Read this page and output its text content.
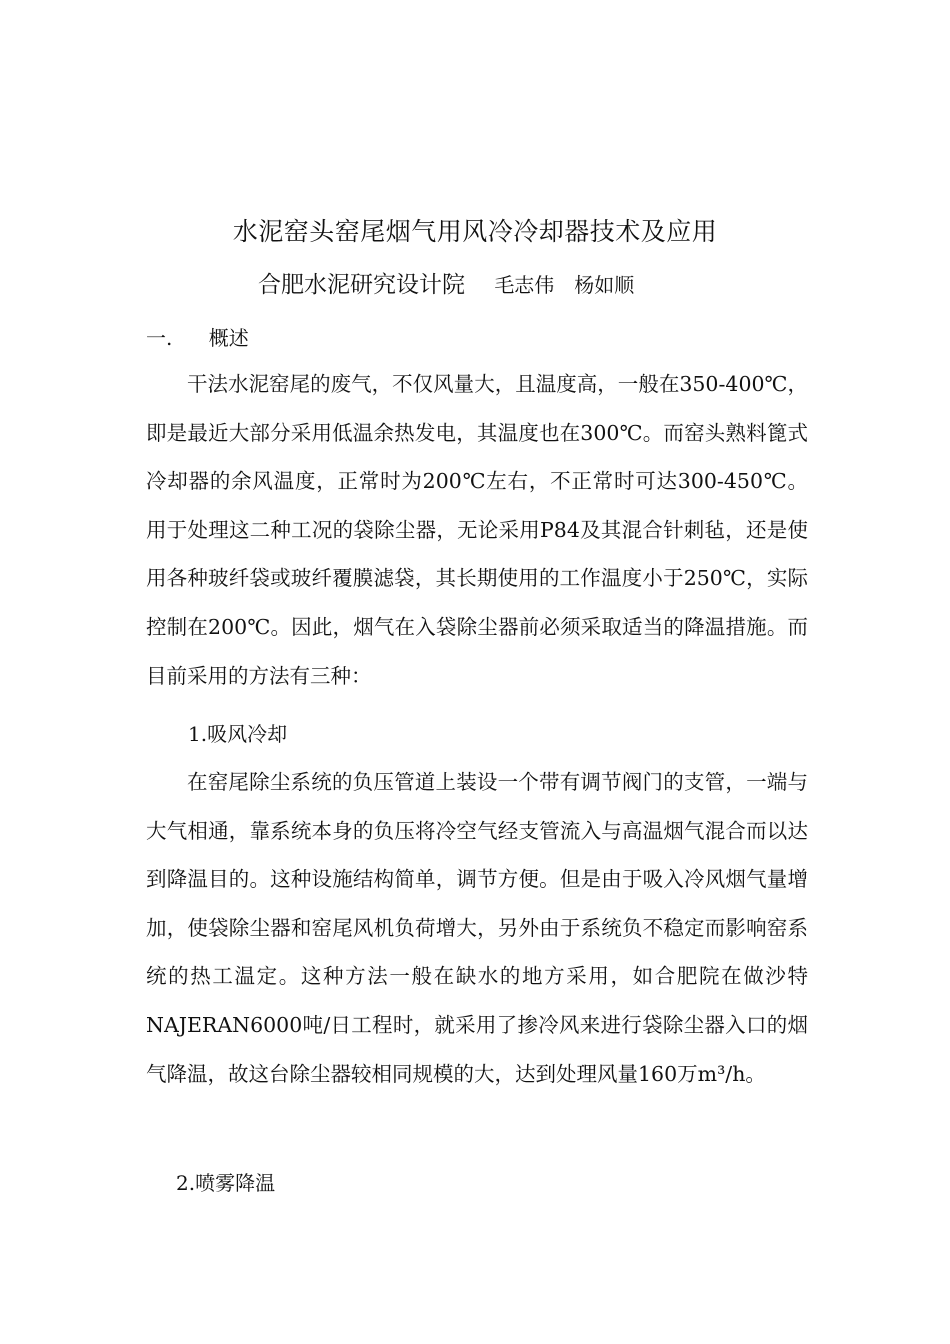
水泥窑头窑尾烟气用风冷冷却器技术及应用
合肥水泥研究设计院 毛志伟　杨如顺
一. 概述

干法水泥窑尾的废气，不仅风量大，且温度高，一般在350-400℃，即是最近大部分采用低温余热发电，其温度也在300℃。而窑头熟料篦式冷却器的余风温度，正常时为200℃左右，不正常时可达300-450℃。用于处理这二种工况的袋除尘器，无论采用P84及其混合针刺毡，还是使用各种玻纤袋或玻纤覆膜滤袋，其长期使用的工作温度小于250℃，实际控制在200℃。因此，烟气在入袋除尘器前必须采取适当的降温措施。而目前采用的方法有三种：

1.吸风冷却

在窑尾除尘系统的负压管道上装设一个带有调节阀门的支管，一端与大气相通，靠系统本身的负压将冷空气经支管流入与高温烟气混合而以达到降温目的。这种设施结构简单，调节方便。但是由于吸入冷风烟气量增加，使袋除尘器和窑尾风机负荷增大，另外由于系统负不稳定而影响窑系统的热工温定。这种方法一般在缺水的地方采用，如合肥院在做沙特NAJERAN6000吨/日工程时，就采用了掺冷风来进行袋除尘器入口的烟气降温，故这台除尘器较相同规模的大，达到处理风量160万m³/h。

2.喷雾降温
